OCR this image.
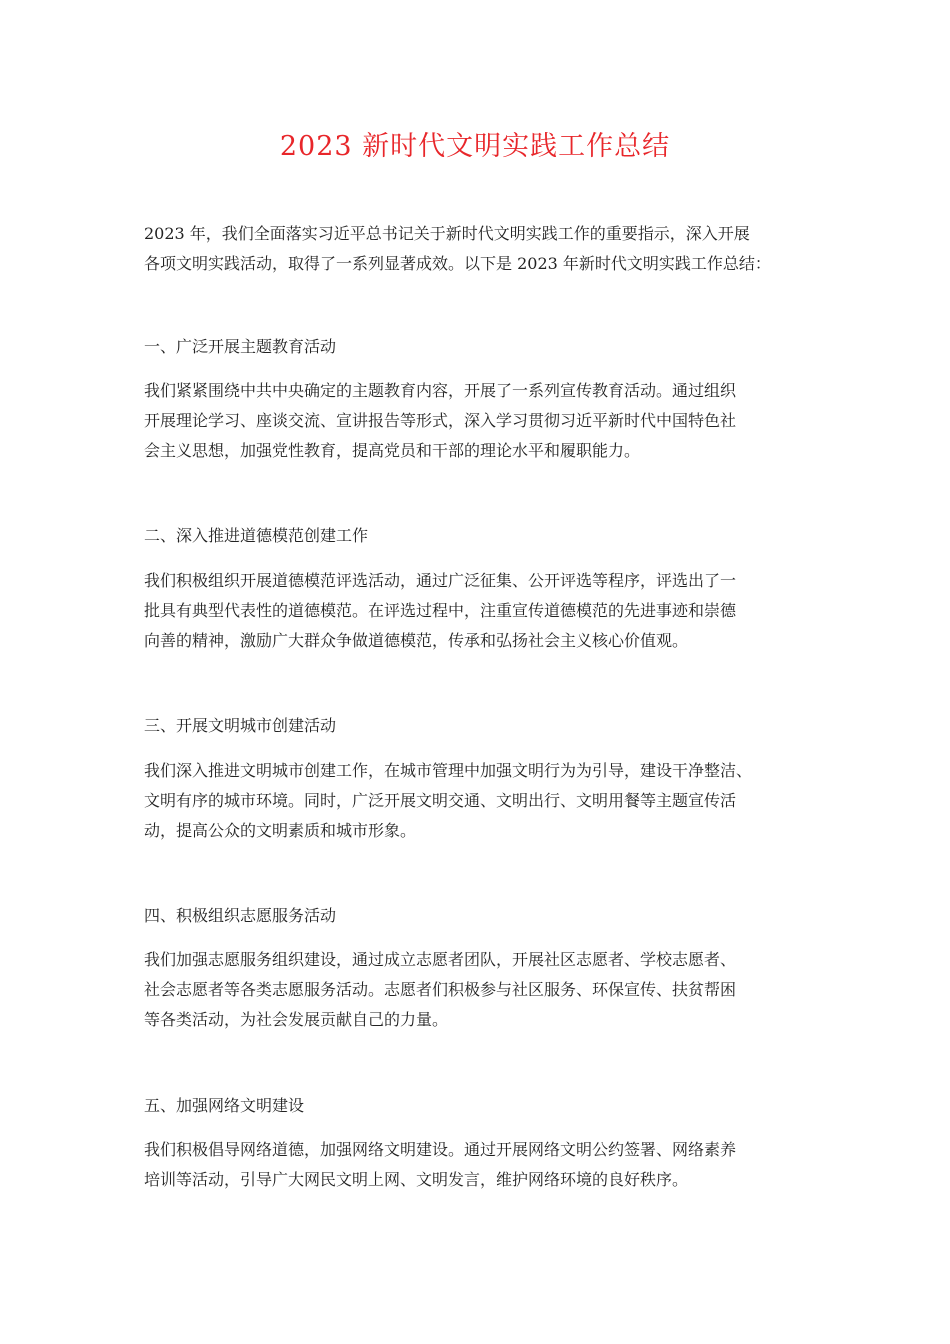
2023 新时代文明实践工作总结

2023 年，我们全面落实习近平总书记关于新时代文明实践工作的重要指示，深入开展

各项文明实践活动，取得了一系列显著成效。以下是 2023 年新时代文明实践工作总结：

一、广泛开展主题教育活动

我们紧紧围绕中共中央确定的主题教育内容，开展了一系列宣传教育活动。通过组织

开展理论学习、座谈交流、宣讲报告等形式，深入学习贯彻习近平新时代中国特色社

会主义思想，加强党性教育，提高党员和干部的理论水平和履职能力。

二、深入推进道德模范创建工作

我们积极组织开展道德模范评选活动，通过广泛征集、公开评选等程序，评选出了一

批具有典型代表性的道德模范。在评选过程中，注重宣传道德模范的先进事迹和崇德

向善的精神，激励广大群众争做道德模范，传承和弘扬社会主义核心价值观。

三、开展文明城市创建活动

我们深入推进文明城市创建工作，在城市管理中加强文明行为为引导，建设干净整洁、

文明有序的城市环境。同时，广泛开展文明交通、文明出行、文明用餐等主题宣传活

动，提高公众的文明素质和城市形象。

四、积极组织志愿服务活动

我们加强志愿服务组织建设，通过成立志愿者团队，开展社区志愿者、学校志愿者、

社会志愿者等各类志愿服务活动。志愿者们积极参与社区服务、环保宣传、扶贫帮困

等各类活动，为社会发展贡献自己的力量。

五、加强网络文明建设

我们积极倡导网络道德，加强网络文明建设。通过开展网络文明公约签署、网络素养

培训等活动，引导广大网民文明上网、文明发言，维护网络环境的良好秩序。
